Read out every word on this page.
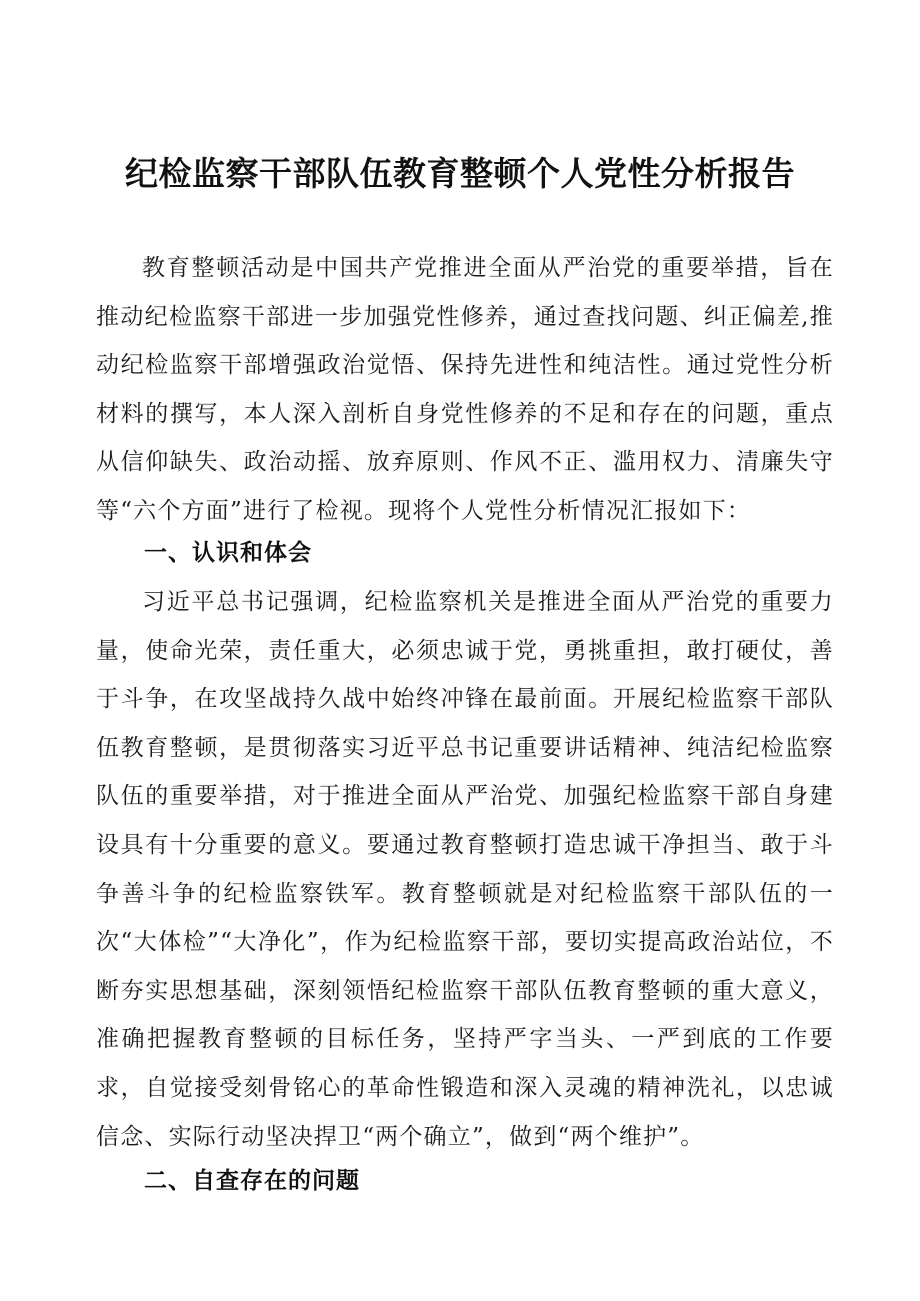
纪检监察干部队伍教育整顿个人党性分析报告

教育整顿活动是中国共产党推进全面从严治党的重要举措，旨在推动纪检监察干部进一步加强党性修养，通过查找问题、纠正偏差,推动纪检监察干部增强政治觉悟、保持先进性和纯洁性。通过党性分析材料的撰写，本人深入剖析自身党性修养的不足和存在的问题，重点从信仰缺失、政治动摇、放弃原则、作风不正、滥用权力、清廉失守等“六个方面”进行了检视。现将个人党性分析情况汇报如下：

一、认识和体会

习近平总书记强调，纪检监察机关是推进全面从严治党的重要力量，使命光荣，责任重大，必须忠诚于党，勇挑重担，敢打硬仗，善于斗争，在攻坚战持久战中始终冲锋在最前面。开展纪检监察干部队伍教育整顿，是贯彻落实习近平总书记重要讲话精神、纯洁纪检监察队伍的重要举措，对于推进全面从严治党、加强纪检监察干部自身建设具有十分重要的意义。要通过教育整顿打造忠诚干净担当、敢于斗争善斗争的纪检监察铁军。教育整顿就是对纪检监察干部队伍的一次“大体检”“大净化”，作为纪检监察干部，要切实提高政治站位，不断夯实思想基础，深刻领悟纪检监察干部队伍教育整顿的重大意义，准确把握教育整顿的目标任务，坚持严字当头、一严到底的工作要求，自觉接受刻骨铭心的革命性锻造和深入灵魂的精神洗礼，以忠诚信念、实际行动坚决捍卫“两个确立”，做到“两个维护”。

二、自查存在的问题
